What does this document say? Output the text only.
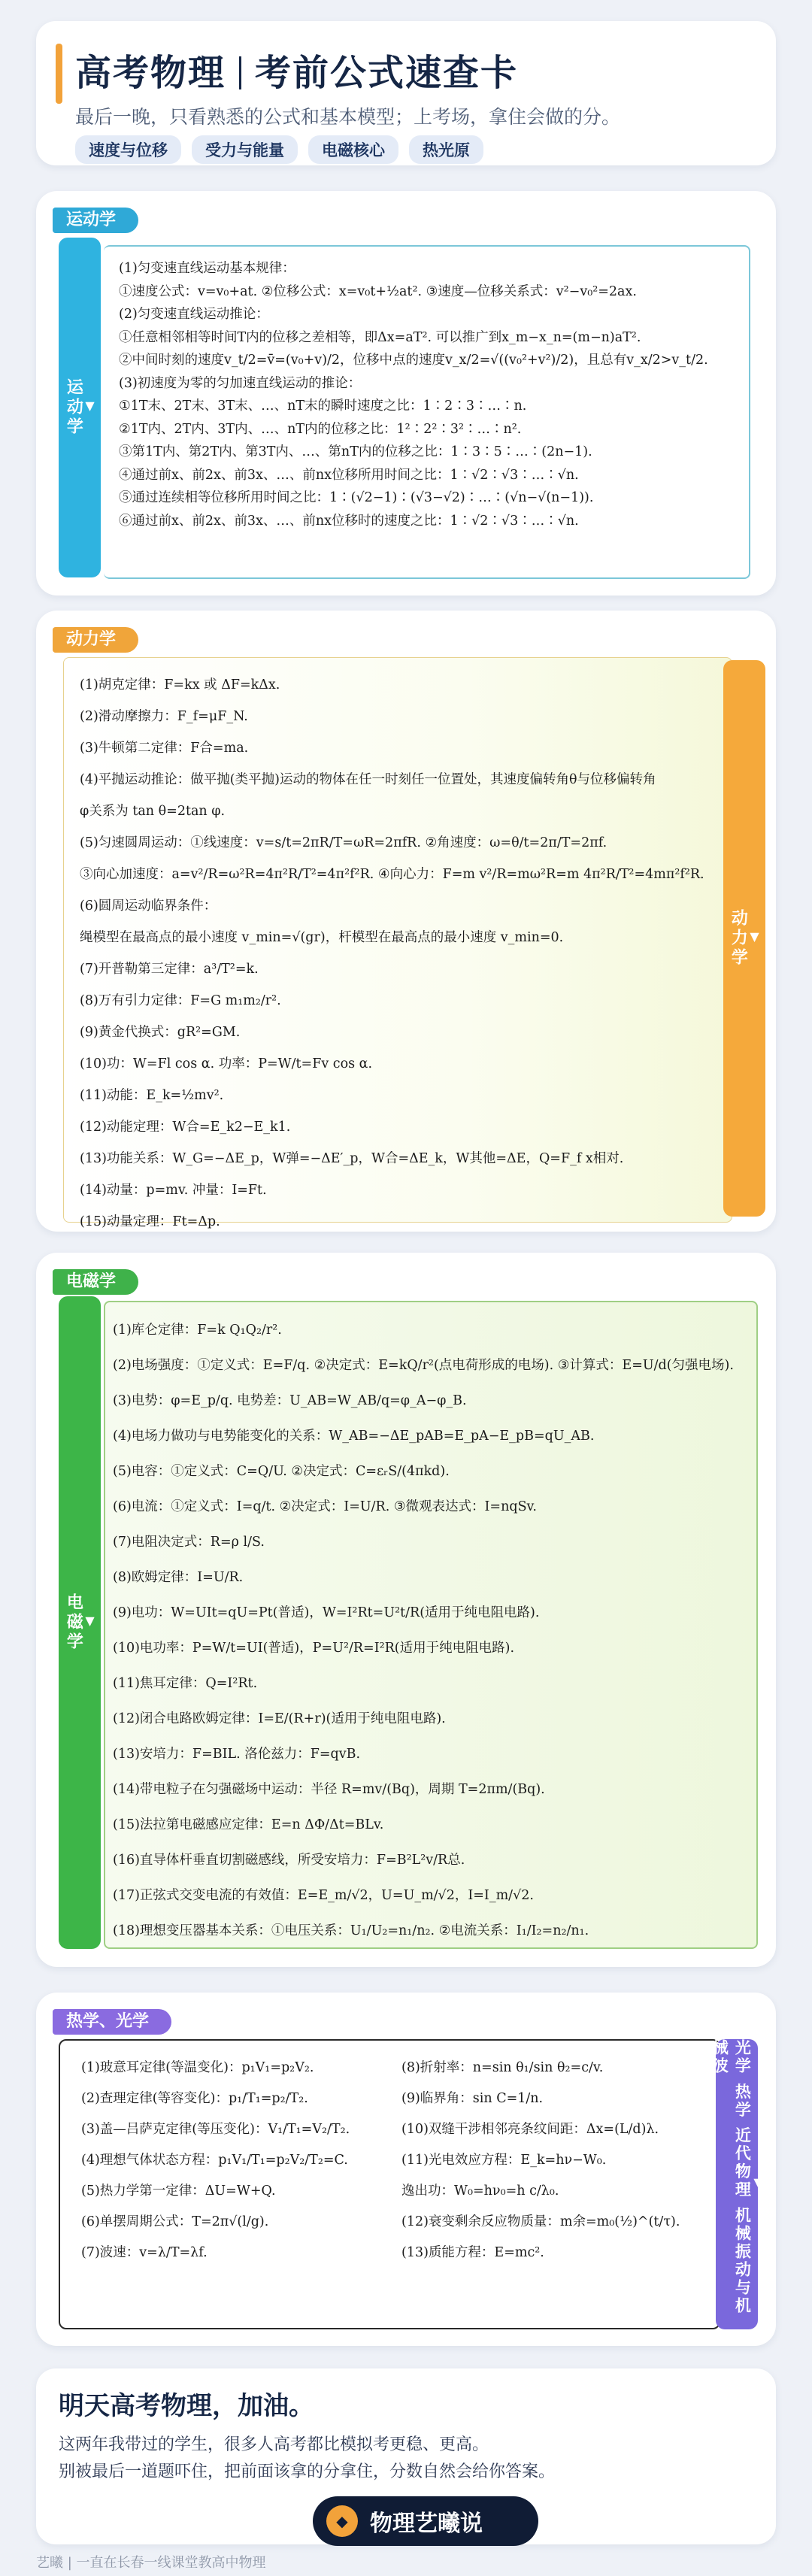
高考物理 考前公式速查卡
最后一晚，只看熟悉的公式和基本模型；上考场，拿住会做的分。
速度与位移	受力与能量	电磁核心	热光原
运动学
▼
运动学
(1)匀变速直线运动基本规律：
①速度公式：v=v₀+at. ②位移公式：x=v₀t+½at². ③速度—位移关系式：v²−v₀²=2ax.
(2)匀变速直线运动推论：
①任意相邻相等时间T内的位移之差相等，即Δx=aT². 可以推广到x_m−x_n=(m−n)aT².
②中间时刻的速度v_t/2=v̄=(v₀+v)/2，位移中点的速度v_x/2=√((v₀²+v²)/2)，且总有v_x/2>v_t/2.
(3)初速度为零的匀加速直线运动的推论：
①1T末、2T末、3T末、…、nT末的瞬时速度之比：1∶2∶3∶…∶n.
②1T内、2T内、3T内、…、nT内的位移之比：1²∶2²∶3²∶…∶n².
③第1T内、第2T内、第3T内、…、第nT内的位移之比：1∶3∶5∶…∶(2n−1).
④通过前x、前2x、前3x、…、前nx位移所用时间之比：1∶√2∶√3∶…∶√n.
⑤通过连续相等位移所用时间之比：1∶(√2−1)∶(√3−√2)∶…∶(√n−√(n−1)).
⑥通过前x、前2x、前3x、…、前nx位移时的速度之比：1∶√2∶√3∶…∶√n.
动力学
▼
动力学
(1)胡克定律：F=kx 或 ΔF=kΔx.
(2)滑动摩擦力：F_f=μF_N.
(3)牛顿第二定律：F合=ma.
(4)平抛运动推论：做平抛(类平抛)运动的物体在任一时刻任一位置处，其速度偏转角θ与位移偏转角
φ关系为 tan θ=2tan φ.
(5)匀速圆周运动：①线速度：v=s/t=2πR/T=ωR=2πfR. ②角速度：ω=θ/t=2π/T=2πf.
③向心加速度：a=v²/R=ω²R=4π²R/T²=4π²f²R. ④向心力：F=m v²/R=mω²R=m 4π²R/T²=4mπ²f²R.
(6)圆周运动临界条件：
绳模型在最高点的最小速度 v_min=√(gr)，杆模型在最高点的最小速度 v_min=0.
(7)开普勒第三定律：a³/T²=k.
(8)万有引力定律：F=G m₁m₂/r².
(9)黄金代换式：gR²=GM.
(10)功：W=Fl cos α. 功率：P=W/t=Fv cos α.
(11)动能：E_k=½mv².
(12)动能定理：W合=E_k2−E_k1.
(13)功能关系：W_G=−ΔE_p，W弹=−ΔE′_p，W合=ΔE_k，W其他=ΔE，Q=F_f x相对.
(14)动量：p=mv. 冲量：I=Ft.
(15)动量定理：Ft=Δp.
电磁学
▼
电磁学
(1)库仑定律：F=k Q₁Q₂/r².
(2)电场强度：①定义式：E=F/q. ②决定式：E=kQ/r²(点电荷形成的电场). ③计算式：E=U/d(匀强电场).
(3)电势：φ=E_p/q. 电势差：U_AB=W_AB/q=φ_A−φ_B.
(4)电场力做功与电势能变化的关系：W_AB=−ΔE_pAB=E_pA−E_pB=qU_AB.
(5)电容：①定义式：C=Q/U. ②决定式：C=εᵣS/(4πkd).
(6)电流：①定义式：I=q/t. ②决定式：I=U/R. ③微观表达式：I=nqSv.
(7)电阻决定式：R=ρ l/S.
(8)欧姆定律：I=U/R.
(9)电功：W=UIt=qU=Pt(普适)，W=I²Rt=U²t/R(适用于纯电阻电路).
(10)电功率：P=W/t=UI(普适)，P=U²/R=I²R(适用于纯电阻电路).
(11)焦耳定律：Q=I²Rt.
(12)闭合电路欧姆定律：I=E/(R+r)(适用于纯电阻电路).
(13)安培力：F=BIL. 洛伦兹力：F=qvB.
(14)带电粒子在匀强磁场中运动：半径 R=mv/(Bq)，周期 T=2πm/(Bq).
(15)法拉第电磁感应定律：E=n ΔΦ/Δt=BLv.
(16)直导体杆垂直切割磁感线，所受安培力：F=B²L²v/R总.
(17)正弦式交变电流的有效值：E=E_m/√2，U=U_m/√2，I=I_m/√2.
(18)理想变压器基本关系：①电压关系：U₁/U₂=n₁/n₂. ②电流关系：I₁/I₂=n₂/n₁.
热学、光学
▼
光学 热学 近代物理 机械振动与机械波
(1)玻意耳定律(等温变化)：p₁V₁=p₂V₂.
(2)查理定律(等容变化)：p₁/T₁=p₂/T₂.
(3)盖—吕萨克定律(等压变化)：V₁/T₁=V₂/T₂.
(4)理想气体状态方程：p₁V₁/T₁=p₂V₂/T₂=C.
(5)热力学第一定律：ΔU=W+Q.
(6)单摆周期公式：T=2π√(l/g).
(7)波速：v=λ/T=λf.
(8)折射率：n=sin θ₁/sin θ₂=c/v.
(9)临界角：sin C=1/n.
(10)双缝干涉相邻亮条纹间距：Δx=(L/d)λ.
(11)光电效应方程：E_k=hν−W₀.
逸出功：W₀=hν₀=h c/λ₀.
(12)衰变剩余反应物质量：m余=m₀(½)^(t/τ).
(13)质能方程：E=mc².
明天高考物理，加油。
这两年我带过的学生，很多人高考都比模拟考更稳、更高。
别被最后一道题吓住，把前面该拿的分拿住，分数自然会给你答案。
◆ 物理艺曦说
艺曦 | 一直在长春一线课堂教高中物理
